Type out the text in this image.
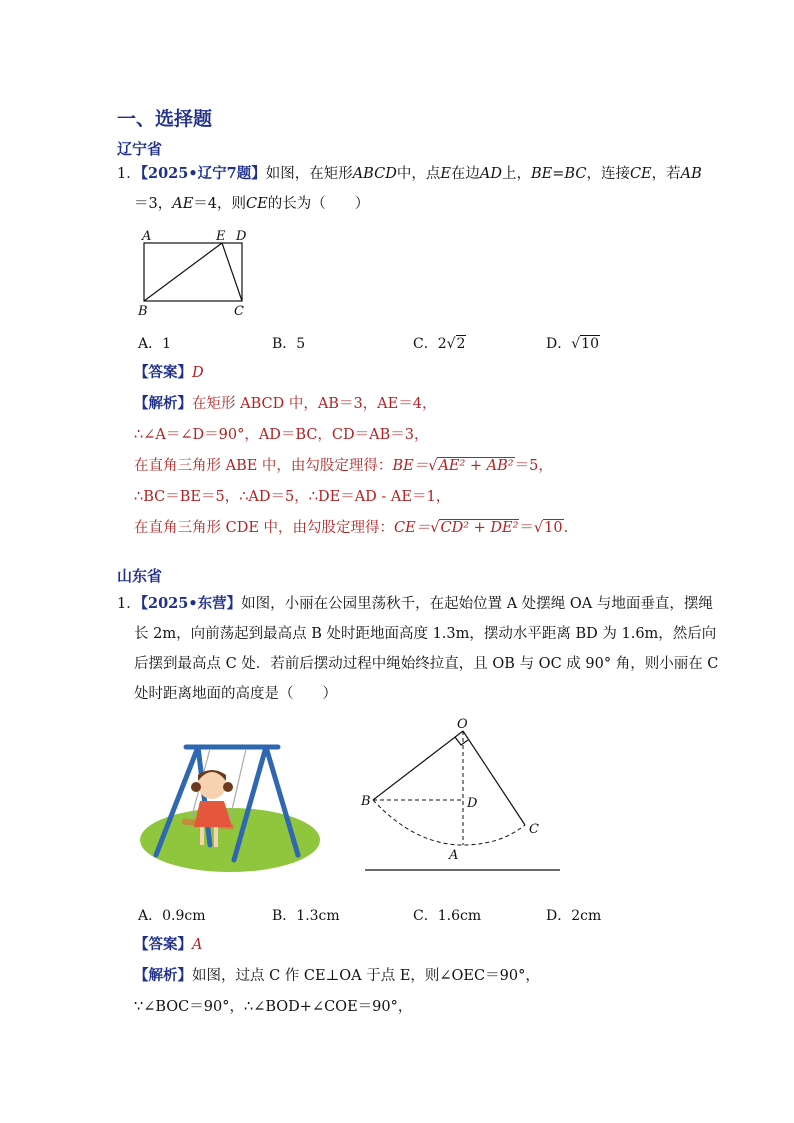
一、选择题
辽宁省
1．【2025•辽宁7题】如图，在矩形ABCD中，点E在边AD上，BE=BC，连接CE，若AB
＝3，AE＝4，则CE的长为（　　）
A	E D
B	C
A．1	B．5	C．2√2	D．√10
【答案】D
【解析】在矩形 ABCD 中，AB＝3，AE＝4，
∴∠A＝∠D＝90°，AD＝BC，CD＝AB＝3，
在直角三角形 ABE 中，由勾股定理得：BE＝√AE² + AB²＝5，
∴BC＝BE＝5，∴AD＝5，∴DE＝AD - AE＝1，
在直角三角形 CDE 中，由勾股定理得：CE＝√CD² + DE²＝√10.
山东省
1．【2025•东营】如图，小丽在公园里荡秋千，在起始位置 A 处摆绳 OA 与地面垂直，摆绳
长 2m，向前荡起到最高点 B 处时距地面高度 1.3m，摆动水平距离 BD 为 1.6m，然后向
后摆到最高点 C 处．若前后摆动过程中绳始终拉直，且 OB 与 OC 成 90° 角，则小丽在 C
处时距离地面的高度是（　　）
O
B	D
C
A
A．0.9cm	B．1.3cm	C．1.6cm	D．2cm
【答案】A
【解析】如图，过点 C 作 CE⊥OA 于点 E，则∠OEC＝90°，
∵∠BOC＝90°，∴∠BOD+∠COE＝90°，
